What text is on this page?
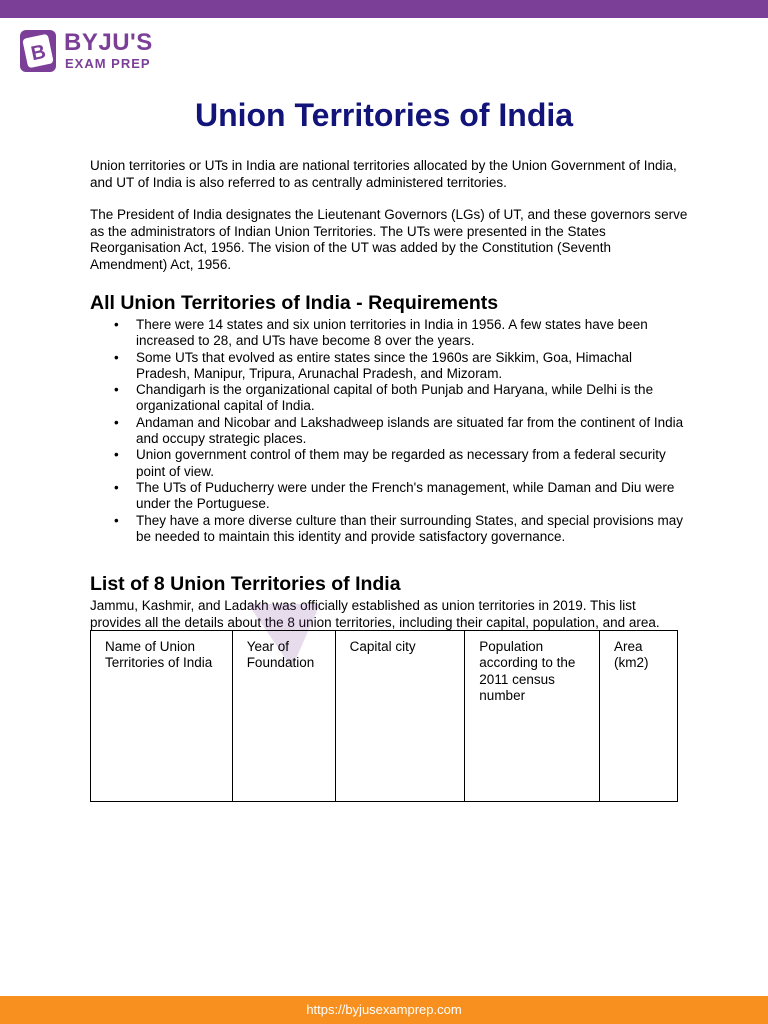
B BYJU'S
EXAM PREP
Union Territories of India

Union territories or UTs in India are national territories allocated by the Union Government of India, and UT of India is also referred to as centrally administered territories.

The President of India designates the Lieutenant Governors (LGs) of UT, and these governors serve as the administrators of Indian Union Territories. The UTs were presented in the States Reorganisation Act, 1956. The vision of the UT was added by the Constitution (Seventh Amendment) Act, 1956.

All Union Territories of India - Requirements
• There were 14 states and six union territories in India in 1956. A few states have been increased to 28, and UTs have become 8 over the years.
• Some UTs that evolved as entire states since the 1960s are Sikkim, Goa, Himachal Pradesh, Manipur, Tripura, Arunachal Pradesh, and Mizoram.
• Chandigarh is the organizational capital of both Punjab and Haryana, while Delhi is the organizational capital of India.
• Andaman and Nicobar and Lakshadweep islands are situated far from the continent of India and occupy strategic places.
• Union government control of them may be regarded as necessary from a federal security point of view.
• The UTs of Puducherry were under the French's management, while Daman and Diu were under the Portuguese.
• They have a more diverse culture than their surrounding States, and special provisions may be needed to maintain this identity and provide satisfactory governance.
List of 8 Union Territories of India

Jammu, Kashmir, and Ladakh was officially established as union territories in 2019. This list provides all the details about the 8 union territories, including their capital, population, and area.

Name of Union Territories of India	Year of Foundation	Capital city	Population according to the 2011 census number	Area (km2)
https://byjusexamprep.com
